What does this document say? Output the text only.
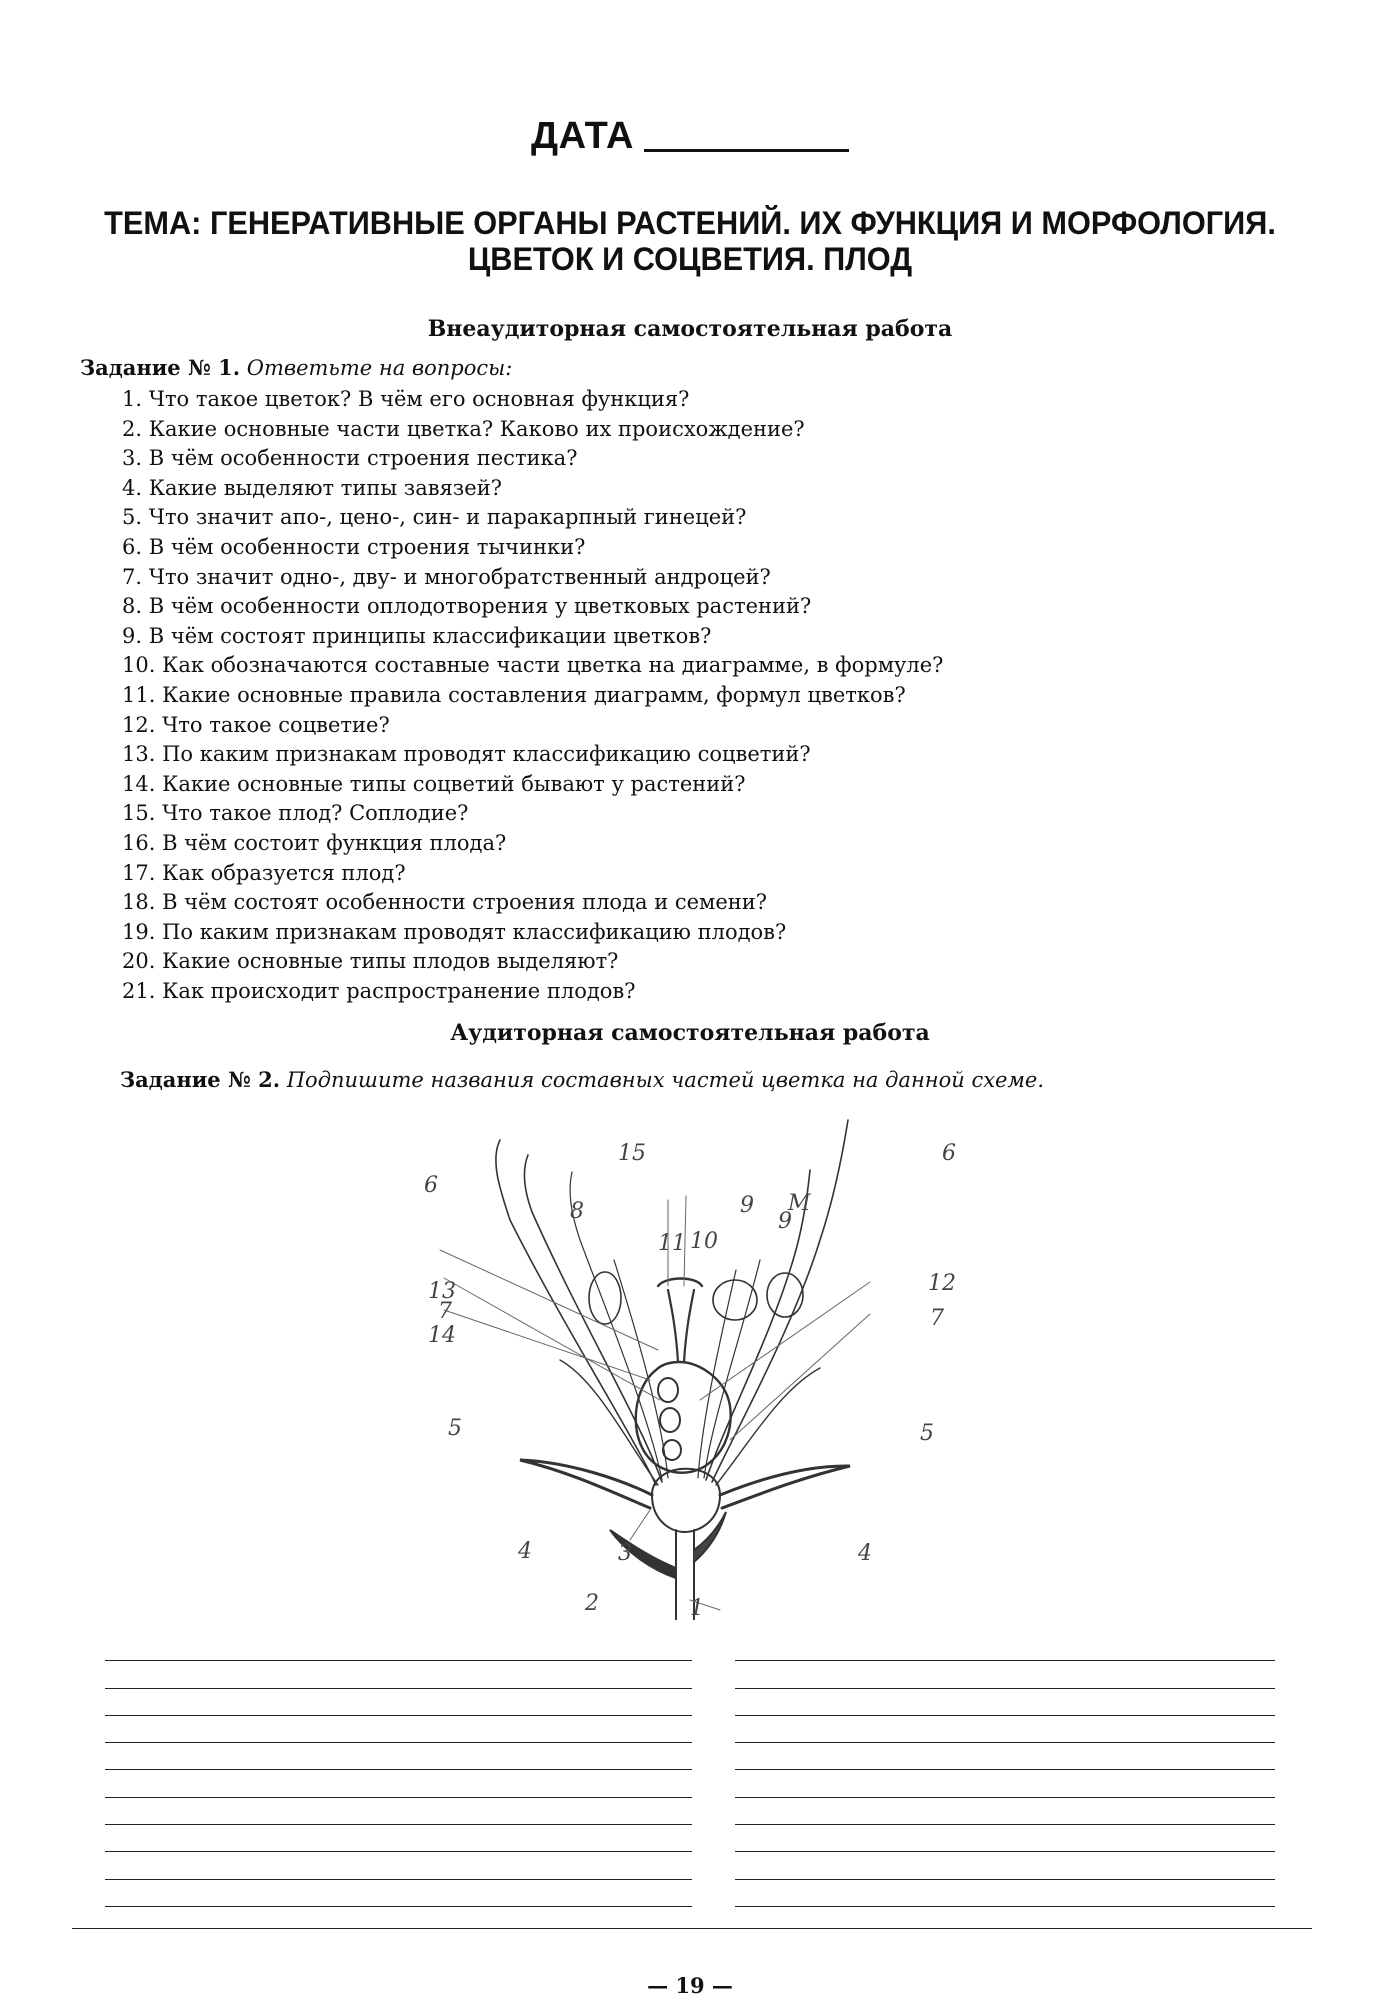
ДАТА
ТЕМА: ГЕНЕРАТИВНЫЕ ОРГАНЫ РАСТЕНИЙ. ИХ ФУНКЦИЯ И МОРФОЛОГИЯ.
ЦВЕТОК И СОЦВЕТИЯ. ПЛОД
Внеаудиторная самостоятельная работа
Задание № 1. Ответьте на вопросы:
1. Что такое цветок? В чём его основная функция?
2. Какие основные части цветка? Каково их происхождение?
3. В чём особенности строения пестика?
4. Какие выделяют типы завязей?
5. Что значит апо-, цено-, син- и паракарпный гинецей?
6. В чём особенности строения тычинки?
7. Что значит одно-, дву- и многобратственный андроцей?
8. В чём особенности оплодотворения у цветковых растений?
9. В чём состоят принципы классификации цветков?
10. Как обозначаются составные части цветка на диаграмме, в формуле?
11. Какие основные правила составления диаграмм, формул цветков?
12. Что такое соцветие?
13. По каким признакам проводят классификацию соцветий?
14. Какие основные типы соцветий бывают у растений?
15. Что такое плод? Соплодие?
16. В чём состоит функция плода?
17. Как образуется плод?
18. В чём состоят особенности строения плода и семени?
19. По каким признакам проводят классификацию плодов?
20. Какие основные типы плодов выделяют?
21. Как происходит распространение плодов?
Аудиторная самостоятельная работа
Задание № 2. Подпишите названия составных частей цветка на данной схеме.
1
2
3
4	4
5	5
6
6
7	7
8	9
9
10
11
12
13
14
15
M
— 19 —
